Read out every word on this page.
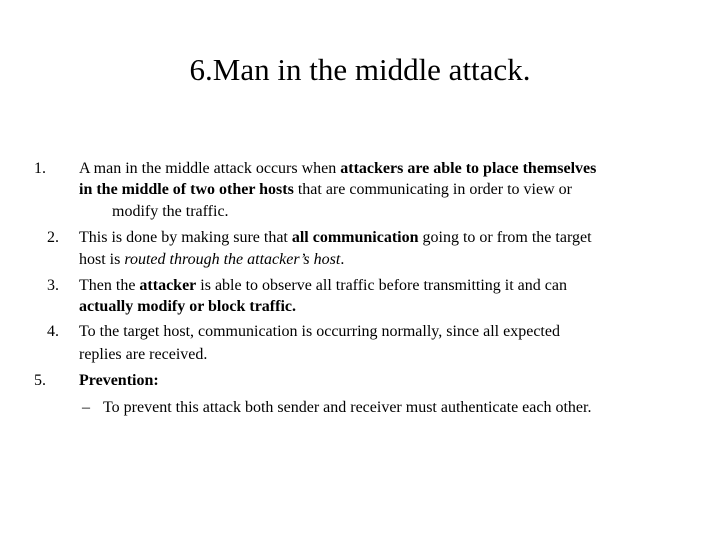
6.Man in the middle attack.
1. A man in the middle attack occurs when attackers are able to place themselves
in the middle of two other hosts that are communicating in order to view or
modify the traffic.
2. This is done by making sure that all communication going to or from the target
host is routed through the attacker’s host.
3. Then the attacker is able to observe all traffic before transmitting it and can
actually modify or block traffic.
4. To the target host, communication is occurring normally, since all expected
replies are received.
5. Prevention:
– To prevent this attack both sender and receiver must authenticate each other.
